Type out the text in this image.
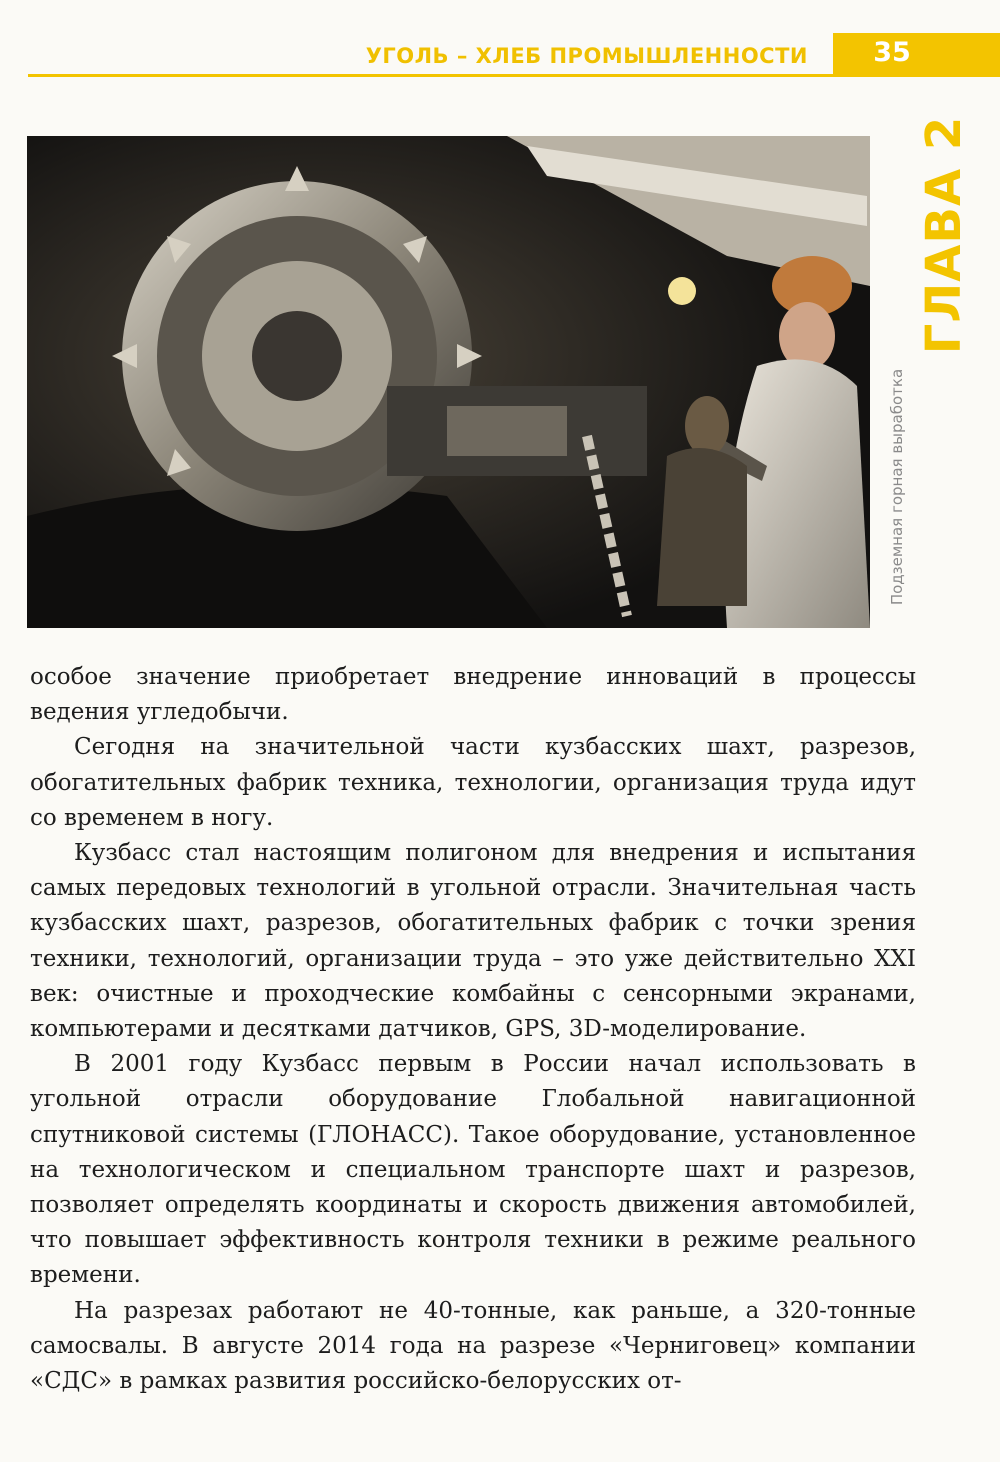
УГОЛЬ – ХЛЕБ ПРОМЫШЛЕННОСТИ	35
ГЛАВА 2
Подземная горная выработка

особое значение приобретает внедрение инноваций в процессы ведения угледобычи.

Сегодня на значительной части кузбасских шахт, разрезов, обогатительных фабрик техника, технологии, организация труда идут со временем в ногу.

Кузбасс стал настоящим полигоном для внедрения и испытания самых передовых технологий в угольной отрасли. Значительная часть кузбасских шахт, разрезов, обогатительных фабрик с точки зрения техники, технологий, организации труда – это уже действительно XXI век: очистные и проходческие комбайны с сенсорными экранами, компьютерами и десятками датчиков, GPS, 3D-моделирование.

В 2001 году Кузбасс первым в России начал использовать в угольной отрасли оборудование Глобальной навигационной спутниковой системы (ГЛОНАСС). Такое оборудование, установленное на технологическом и специальном транспорте шахт и разрезов, позволяет определять координаты и скорость движения автомобилей, что повышает эффективность контроля техники в режиме реального времени.

На разрезах работают не 40-тонные, как раньше, а 320-тонные самосвалы. В августе 2014 года на разрезе «Черниговец» компании «СДС» в рамках развития российско-белорусских от-
